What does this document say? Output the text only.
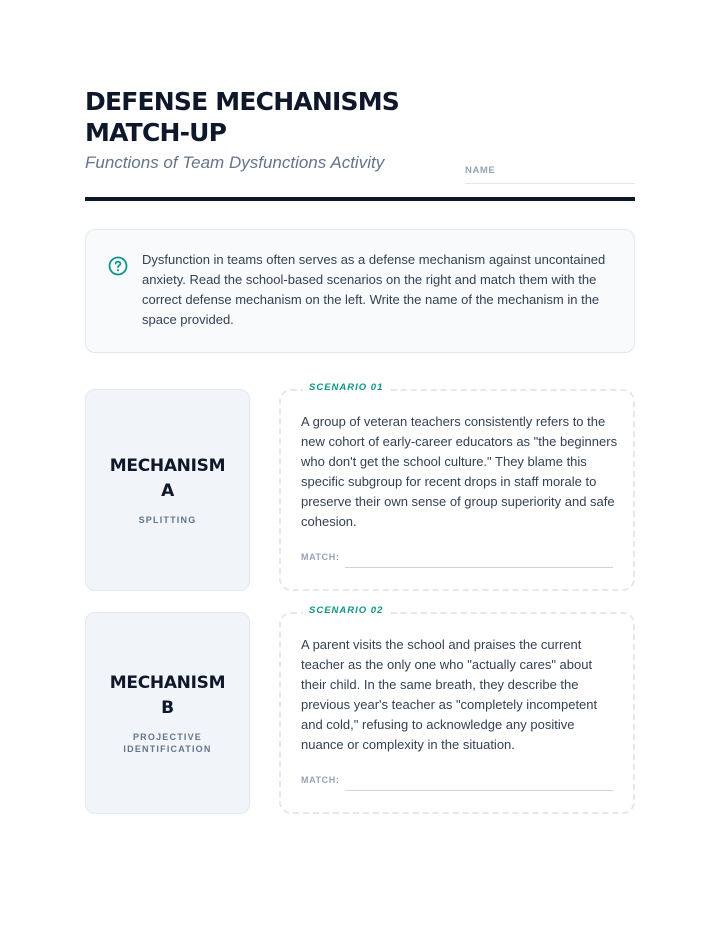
DEFENSE MECHANISMS MATCH-UP

Functions of Team Dysfunctions Activity	NAME

Dysfunction in teams often serves as a defense mechanism against uncontained anxiety. Read the school-based scenarios on the right and match them with the correct defense mechanism on the left. Write the name of the mechanism in the space provided.

MECHANISM A

SPLITTING

SCENARIO 01

A group of veteran teachers consistently refers to the new cohort of early-career educators as "the beginners who don't get the school culture." They blame this specific subgroup for recent drops in staff morale to preserve their own sense of group superiority and safe cohesion.

MATCH:

MECHANISM B

PROJECTIVE IDENTIFICATION

SCENARIO 02

A parent visits the school and praises the current teacher as the only one who "actually cares" about their child. In the same breath, they describe the previous year's teacher as "completely incompetent and cold," refusing to acknowledge any positive nuance or complexity in the situation.

MATCH:
